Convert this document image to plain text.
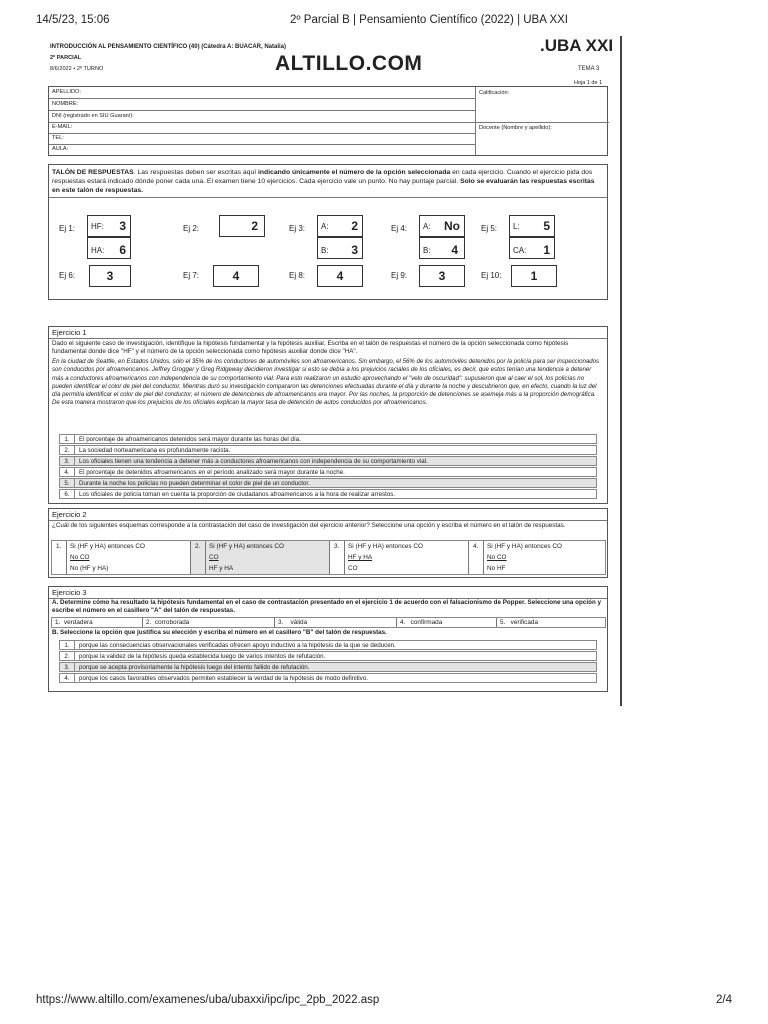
14/5/23, 15:06	2º Parcial B | Pensamiento Científico (2022) | UBA XXI
INTRODUCCIÓN AL PENSAMIENTO CIENTÍFICO (40) (Cátedra A: BUACAR, Natalia)
2º PARCIAL
8/6/2022 • 2º TURNO	ALTILLO.COM
.UBA XXI
TEMA 3
Hoja 1 de 1
APELLIDO:
NOMBRE:
DNI (registrado en SIU Guaraní):
E-MAIL:
TEL:
AULA:
Calificación:
Docente (Nombre y apellido):
TALÓN DE RESPUESTAS. Las respuestas deben ser escritas aquí indicando únicamente el número de la opción seleccionada en cada ejercicio. Cuando el ejercicio pida dos respuestas estará indicado dónde poner cada una. El examen tiene 10 ejercicios. Cada ejercicio vale un punto. No hay puntaje parcial. Solo se evaluarán las respuestas escritas en este talón de respuestas.
Ej 1: HF: 3
HA: 6
Ej 2:	2	Ej 3: A: 2
B: 3
Ej 4: A: No
B: 4
Ej 5: L: 5
CA: 1
Ej 6:	3	Ej 7:	4	Ej 8:	4	Ej 9:	3	Ej 10:	1
Ejercicio 1
Dado el siguiente caso de investigación, identifique la hipótesis fundamental y la hipótesis auxiliar. Escriba en el talón de respuestas el número de la opción seleccionada como hipótesis fundamental donde dice "HF" y el número de la opción seleccionada como hipótesis auxiliar donde dice "HA".
En la ciudad de Seattle, en Estados Unidos, sólo el 35% de los conductores de automóviles son afroamericanos. Sin embargo, el 56% de los automóviles detenidos por la policía para ser inspeccionados son conducidos por afroamericanos. Jeffrey Grogger y Greg Ridgeway decidieron investigar si esto se debía a los prejuicios raciales de los oficiales, es decir, que estos tenían una tendencia a detener más a conductores afroamericanos con independencia de su comportamiento vial. Para esto realizaron un estudio aprovechando el "velo de oscuridad": supusieron que al caer el sol, los policías no pueden identificar el color de piel del conductor. Mientras duró su investigación compararon las detenciones efectuadas durante el día y durante la noche y descubrieron que, en efecto, cuando la luz del día permitía identificar el color de piel del conductor, el número de detenciones de afroamericanos era mayor. Por las noches, la proporción de detenciones se asemeja más a la proporción demográfica. De esta manera mostraron que los prejuicios de los oficiales explican la mayor tasa de detención de autos conducidos por afroamericanos.
1. El porcentaje de afroamericanos detenidos será mayor durante las horas del día.
2. La sociedad norteamericana es profundamente racista.
3. Los oficiales tienen una tendencia a detener más a conductores afroamericanos con independencia de su comportamiento vial.
4. El porcentaje de detenidos afroamericanos en el período analizado será mayor durante la noche.
5. Durante la noche los policías no pueden determinar el color de piel de un conductor.
6. Los oficiales de policía toman en cuenta la proporción de ciudadanos afroamericanos a la hora de realizar arrestos.
Ejercicio 2
¿Cuál de los siguientes esquemas corresponde a la contrastación del caso de investigación del ejercicio anterior? Seleccione una opción y escriba el número en el talón de respuestas.
1. Si (HF y HA) entonces CO
No CO
No (HF y HA)
2. Si (HF y HA) entonces CO
CO
HF y HA
3. Si (HF y HA) entonces CO
HF y HA
CO
4. Si (HF y HA) entonces CO
No CO
No HF
Ejercicio 3
A. Determine cómo ha resultado la hipótesis fundamental en el caso de contrastación presentado en el ejercicio 1 de acuerdo con el falsacionismo de Popper. Seleccione una opción y escribe el número en el casillero "A" del talón de respuestas.
1. verdadera	2. corroborada	3. válida	4. confirmada	5. verificada
B. Seleccione la opción que justifica su elección y escriba el número en el casillero "B" del talón de respuestas.
1. porque las consecuencias observacionales verificadas ofrecen apoyo inductivo a la hipótesis de la que se deducen.
2. porque la validez de la hipótesis queda establecida luego de varios intentos de refutación.
3. porque se acepta provisoriamente la hipótesis luego del intento fallido de refutación.
4. porque los casos favorables observados permiten establecer la verdad de la hipótesis de modo definitivo.
https://www.altillo.com/examenes/uba/ubaxxi/ipc/ipc_2pb_2022.asp	2/4
